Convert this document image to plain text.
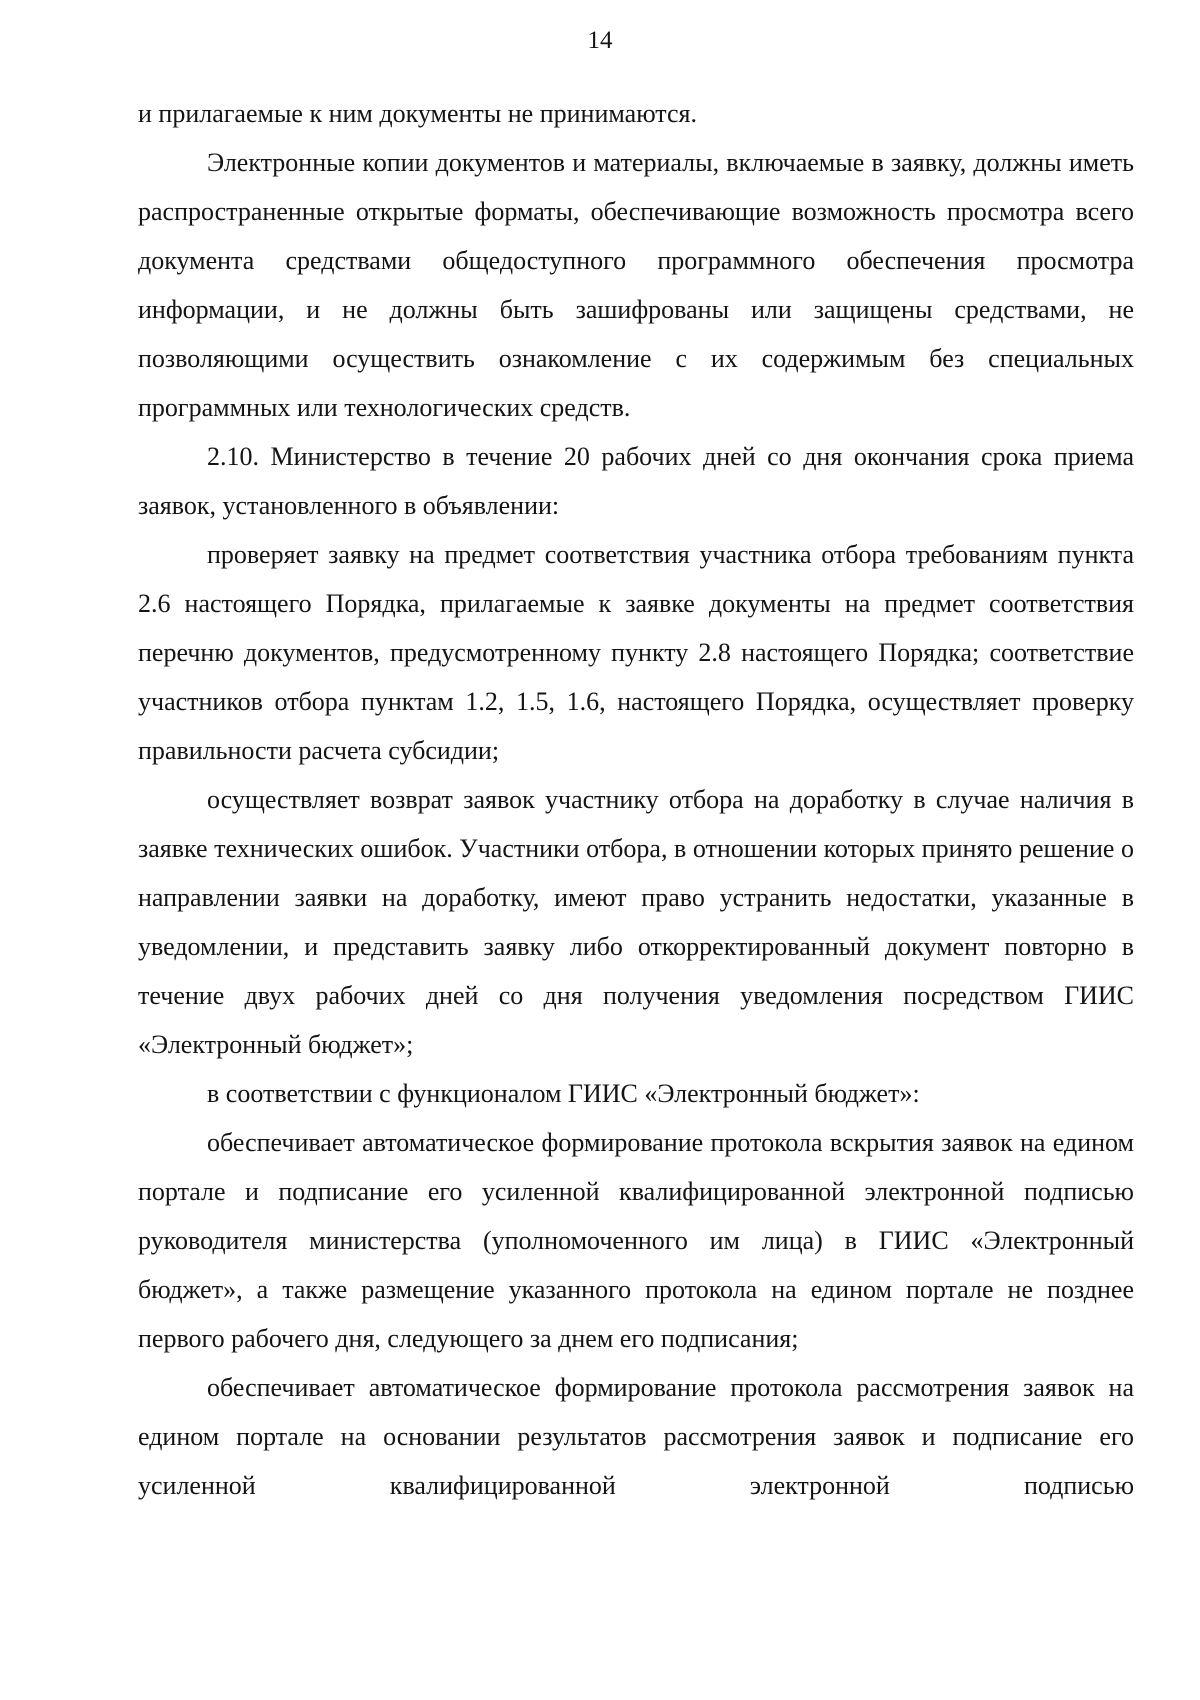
14

и прилагаемые к ним документы не принимаются.

Электронные копии документов и материалы, включаемые в заявку, должны иметь распространенные открытые форматы, обеспечивающие возможность просмотра всего документа средствами общедоступного программного обеспечения просмотра информации, и не должны быть зашифрованы или защищены средствами, не позволяющими осуществить ознакомление с их содержимым без специальных программных или технологических средств.

2.10. Министерство в течение 20 рабочих дней со дня окончания срока приема заявок, установленного в объявлении:

проверяет заявку на предмет соответствия участника отбора требованиям пункта 2.6 настоящего Порядка, прилагаемые к заявке документы на предмет соответствия перечню документов, предусмотренному пункту 2.8 настоящего Порядка; соответствие участников отбора пунктам 1.2, 1.5, 1.6, настоящего Порядка, осуществляет проверку правильности расчета субсидии;

осуществляет возврат заявок участнику отбора на доработку в случае наличия в заявке технических ошибок. Участники отбора, в отношении которых принято решение о направлении заявки на доработку, имеют право устранить недостатки, указанные в уведомлении, и представить заявку либо откорректированный документ повторно в течение двух рабочих дней со дня получения уведомления посредством ГИИС «Электронный бюджет»;

в соответствии с функционалом ГИИС «Электронный бюджет»:

обеспечивает автоматическое формирование протокола вскрытия заявок на едином портале и подписание его усиленной квалифицированной электронной подписью руководителя министерства (уполномоченного им лица) в ГИИС «Электронный бюджет», а также размещение указанного протокола на едином портале не позднее первого рабочего дня, следующего за днем его подписания;

обеспечивает автоматическое формирование протокола рассмотрения заявок на едином портале на основании результатов рассмотрения заявок и подписание его усиленной квалифицированной электронной подписью
